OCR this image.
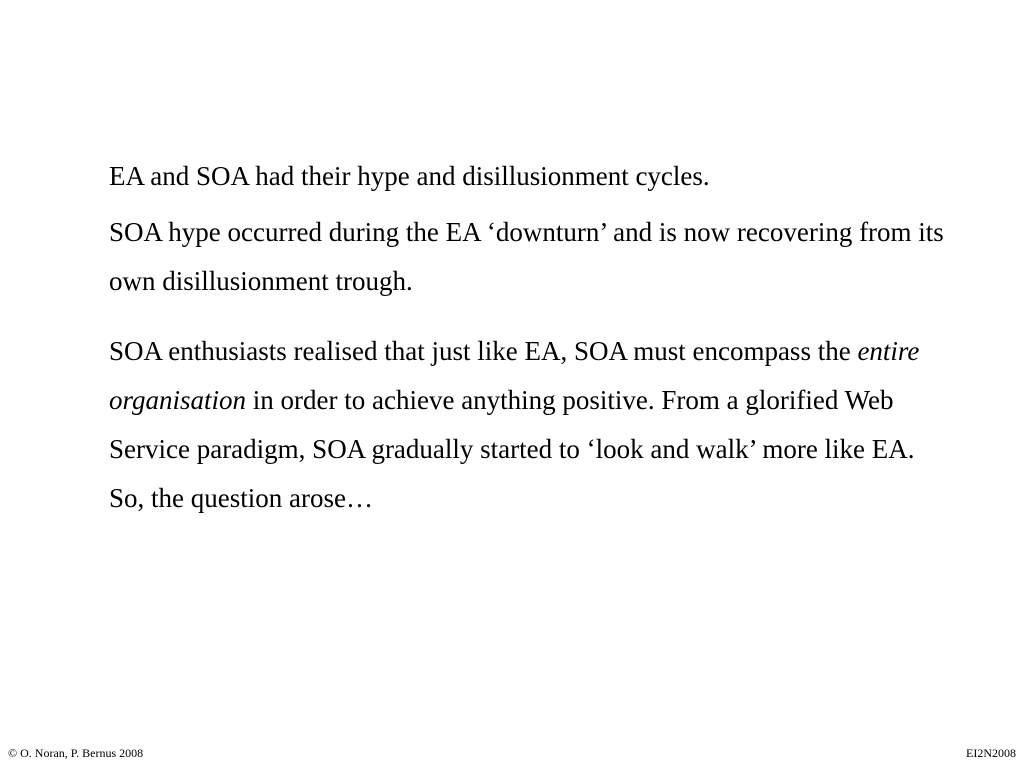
EA and SOA had their hype and disillusionment cycles.

SOA hype occurred during the EA ‘downturn’ and is now recovering from its own disillusionment trough.

SOA enthusiasts realised that just like EA, SOA must encompass the entire organisation in order to achieve anything positive. From a glorified Web Service paradigm, SOA gradually started to ‘look and walk’ more like EA. So, the question arose…

© O. Noran, P. Bernus 2008	EI2N2008
